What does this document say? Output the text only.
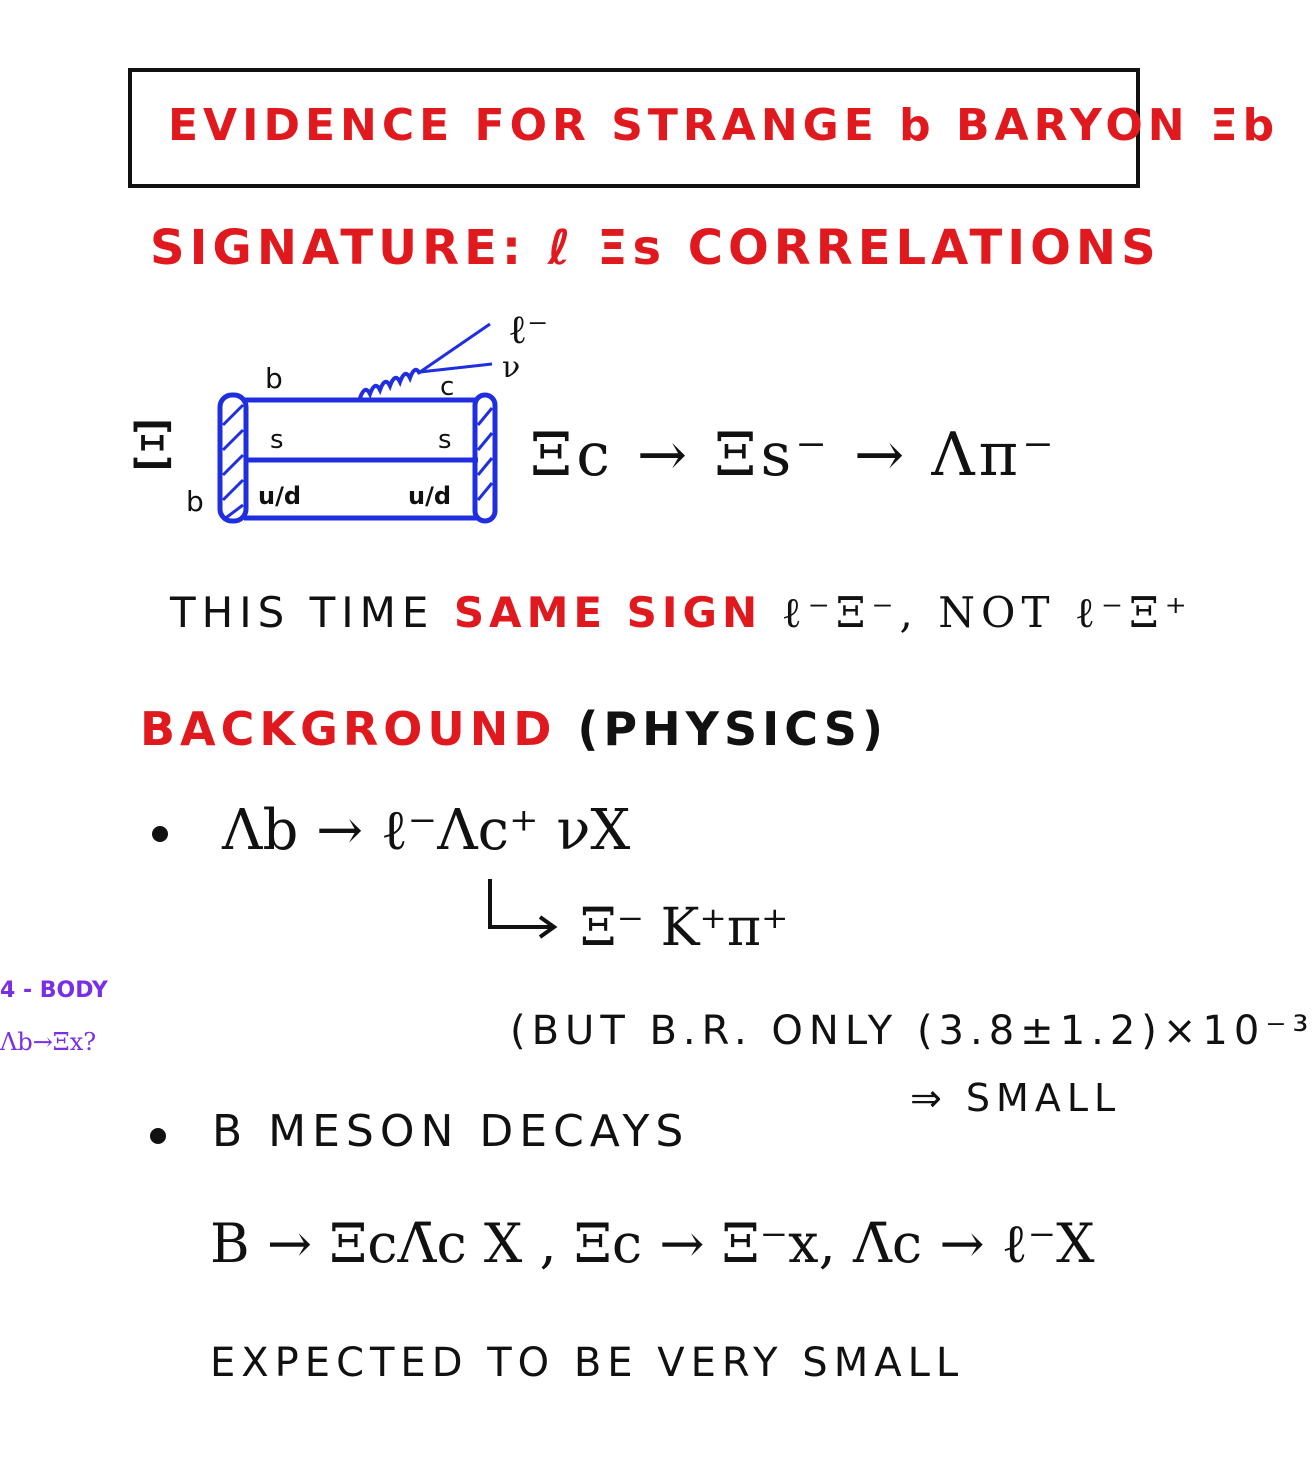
EVIDENCE FOR STRANGE b BARYON Ξb
SIGNATURE: ℓ Ξs CORRELATIONS
Ξ
b
b	c
s	s
u/d	u/d
ℓ⁻
ν
Ξc → Ξs⁻ → Λπ⁻
THIS TIME SAME SIGN ℓ⁻Ξ⁻, NOT ℓ⁻Ξ⁺
BACKGROUND (PHYSICS)
Λb → ℓ⁻Λc⁺ νX
Ξ⁻ K⁺π⁺
(BUT B.R. ONLY (3.8±1.2)×10⁻³
⇒ SMALL
4 - BODY
Λb→Ξx?
B MESON DECAYS
B → ΞcΛ̄c X , Ξc → Ξ⁻x, Λ̄c → ℓ⁻X
EXPECTED TO BE VERY SMALL
